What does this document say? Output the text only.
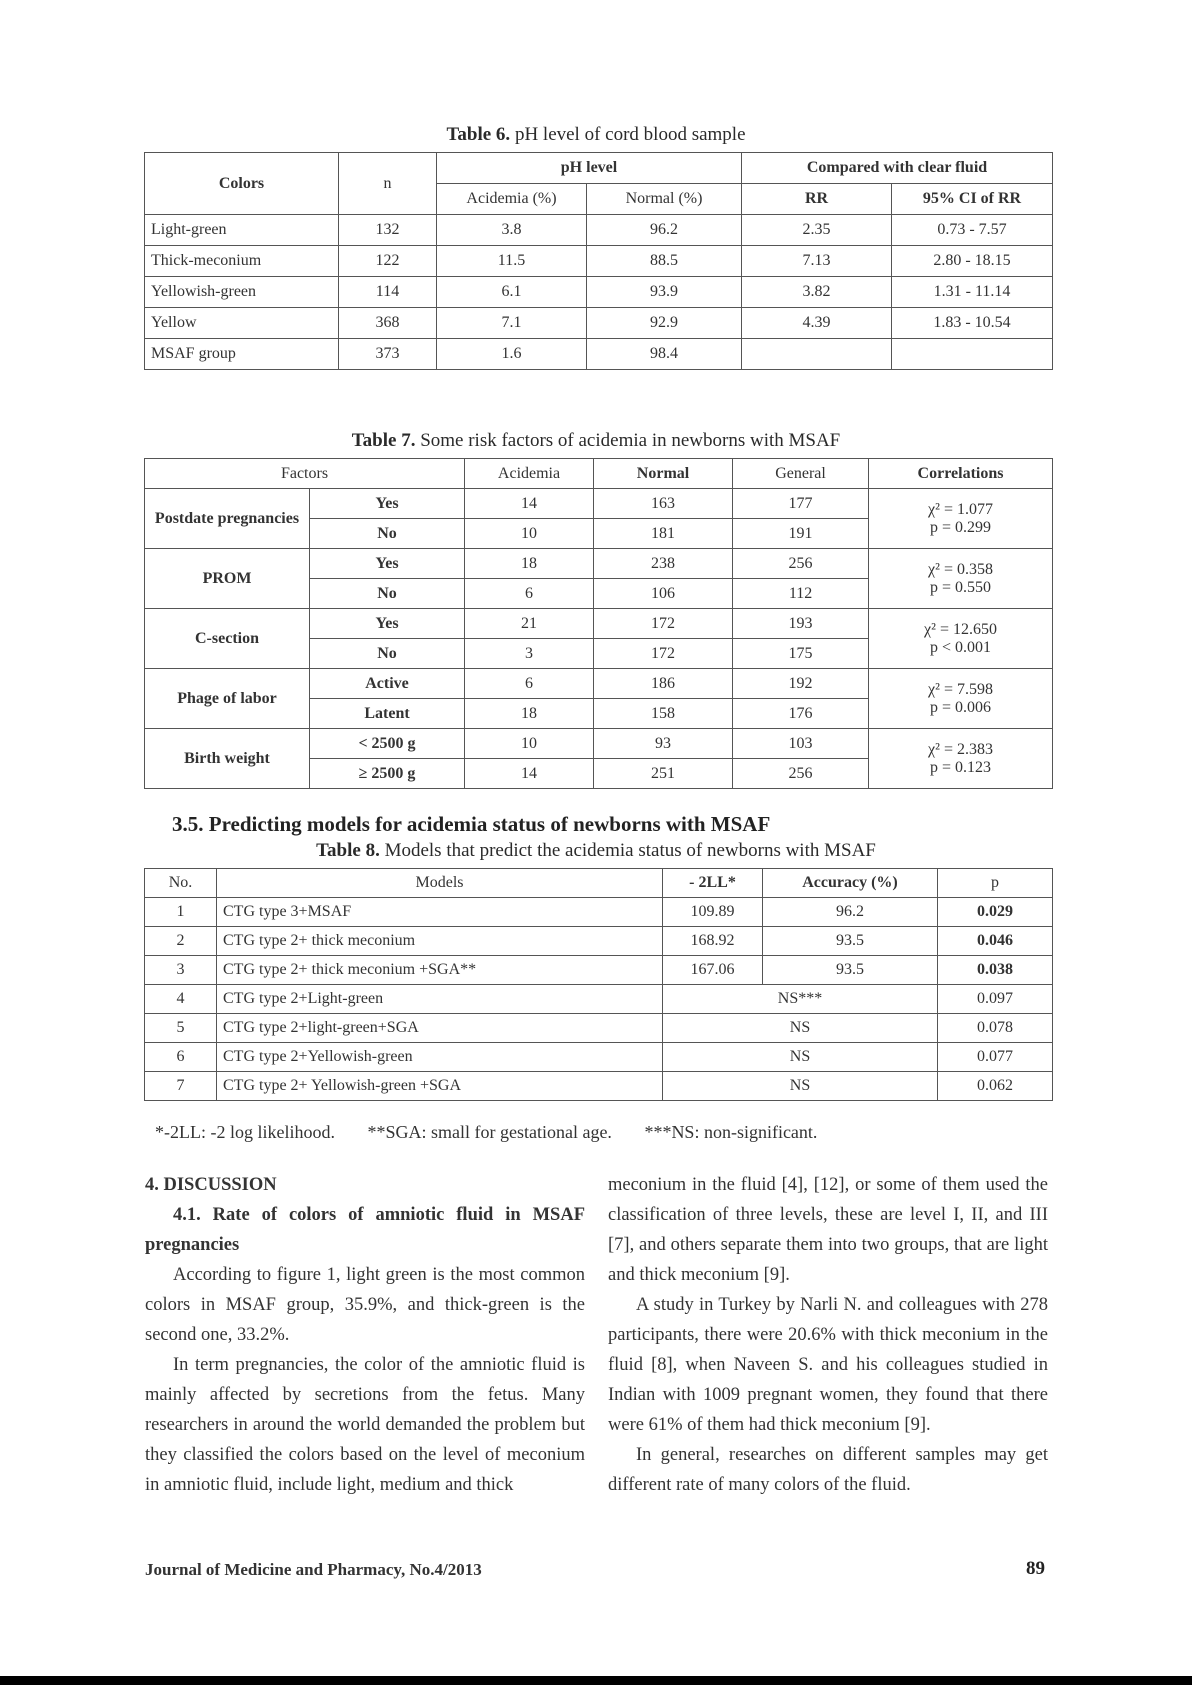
Table 6. pH level of cord blood sample
Colors	n	pH level		Compared with clear fluid	
		Acidemia (%)	Normal (%)	RR	95% CI of RR
Light-green	132	3.8	96.2	2.35	0.73 - 7.57
Thick-meconium	122	11.5	88.5	7.13	2.80 - 18.15
Yellowish-green	114	6.1	93.9	3.82	1.31 - 11.14
Yellow	368	7.1	92.9	4.39	1.83 - 10.54
MSAF group	373	1.6	98.4		
Table 7. Some risk factors of acidemia in newborns with MSAF
Factors		Acidemia	Normal	General	Correlations
Postdate pregnancies	Yes	14	163	177	χ² = 1.077
p = 0.299

	No	10	181	191	
PROM	Yes	18	238	256	χ² = 0.358
p = 0.550

	No	6	106	112	
C-section	Yes	21	172	193	χ² = 12.650
p < 0.001

	No	3	172	175	
Phage of labor	Active	6	186	192	χ² = 7.598
p = 0.006

	Latent	18	158	176	
Birth weight	< 2500 g	10	93	103	χ² = 2.383
p = 0.123

	≥ 2500 g	14	251	256	
3.5. Predicting models for acidemia status of newborns with MSAF
Table 8. Models that predict the acidemia status of newborns with MSAF
No.	Models	- 2LL*	Accuracy (%)	p
1	CTG type 3+MSAF	109.89	96.2	0.029
2	CTG type 2+ thick meconium	168.92	93.5	0.046
3	CTG type 2+ thick meconium +SGA**	167.06	93.5	0.038
4	CTG type 2+Light-green	NS***		0.097
5	CTG type 2+light-green+SGA	NS		0.078
6	CTG type 2+Yellowish-green	NS		0.077
7	CTG type 2+ Yellowish-green +SGA	NS		0.062
*-2LL: -2 log likelihood. **SGA: small for gestational age. ***NS: non-significant.

4. DISCUSSION

4.1. Rate of colors of amniotic fluid in MSAF pregnancies

According to figure 1, light green is the most common colors in MSAF group, 35.9%, and thick-green is the second one, 33.2%.

In term pregnancies, the color of the amniotic fluid is mainly affected by secretions from the fetus. Many researchers in around the world demanded the problem but they classified the colors based on the level of meconium in amniotic fluid, include light, medium and thick

meconium in the fluid [4], [12], or some of them used the classification of three levels, these are level I, II, and III [7], and others separate them into two groups, that are light and thick meconium [9].

A study in Turkey by Narli N. and colleagues with 278 participants, there were 20.6% with thick meconium in the fluid [8], when Naveen S. and his colleagues studied in Indian with 1009 pregnant women, they found that there were 61% of them had thick meconium [9].

In general, researches on different samples may get different rate of many colors of the fluid.

Journal of Medicine and Pharmacy, No.4/2013	89
